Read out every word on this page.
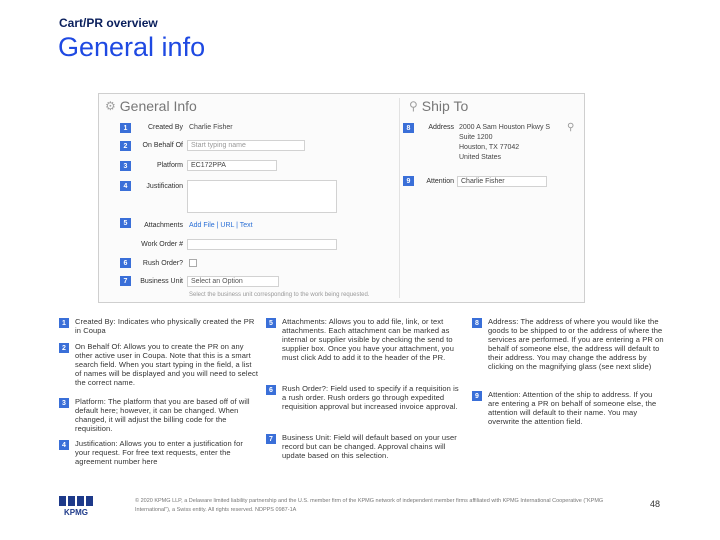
Cart/PR overview
General info
⚙ General Info	⚲ Ship To
Created By Charlie Fisher
On Behalf Of	Start typing name
Platform	EC172PPA
Justification
Attachments Add File | URL | Text
Work Order #
Rush Order?
Business Unit	Select an Option
Select the business unit corresponding to the work being requested.
Address 2000 A Sam Houston Pkwy S
Suite 1200
Houston, TX 77042
United States
⚲
Attention	Charlie Fisher
1
2
3
4
5
6
7
8
9
1	Created By: Indicates who physically created the PR in Coupa
2	On Behalf Of: Allows you to create the PR on any other active user in Coupa. Note that this is a smart search field. When you start typing in the field, a list of names will be displayed and you will need to select the correct name.
3	Platform: The platform that you are based off of will default here; however, it can be changed. When changed, it will adjust the billing code for the requisition.
4	Justification: Allows you to enter a justification for your request. For free text requests, enter the agreement number here
5	Attachments: Allows you to add file, link, or text attachments. Each attachment can be marked as internal or supplier visible by checking the send to supplier box. Once you have your attachment, you must click Add to add it to the header of the PR.
6	Rush Order?: Field used to specify if a requisition is a rush order. Rush orders go through expedited requisition approval but increased invoice approval.
7	Business Unit: Field will default based on your user record but can be changed. Approval chains will update based on this selection.
8	Address: The address of where you would like the goods to be shipped to or the address of where the services are performed. If you are entering a PR on behalf of someone else, the address will default to their address. You may change the address by clicking on the magnifying glass (see next slide)
9	Attention: Attention of the ship to address. If you are entering a PR on behalf of someone else, the attention will default to their name. You may overwrite the attention field.
KPMG
© 2020 KPMG LLP, a Delaware limited liability partnership and the U.S. member firm of the KPMG network of independent member firms affiliated with KPMG International Cooperative (“KPMG International”), a Swiss entity. All rights reserved. NDPPS 0987-1A
48
